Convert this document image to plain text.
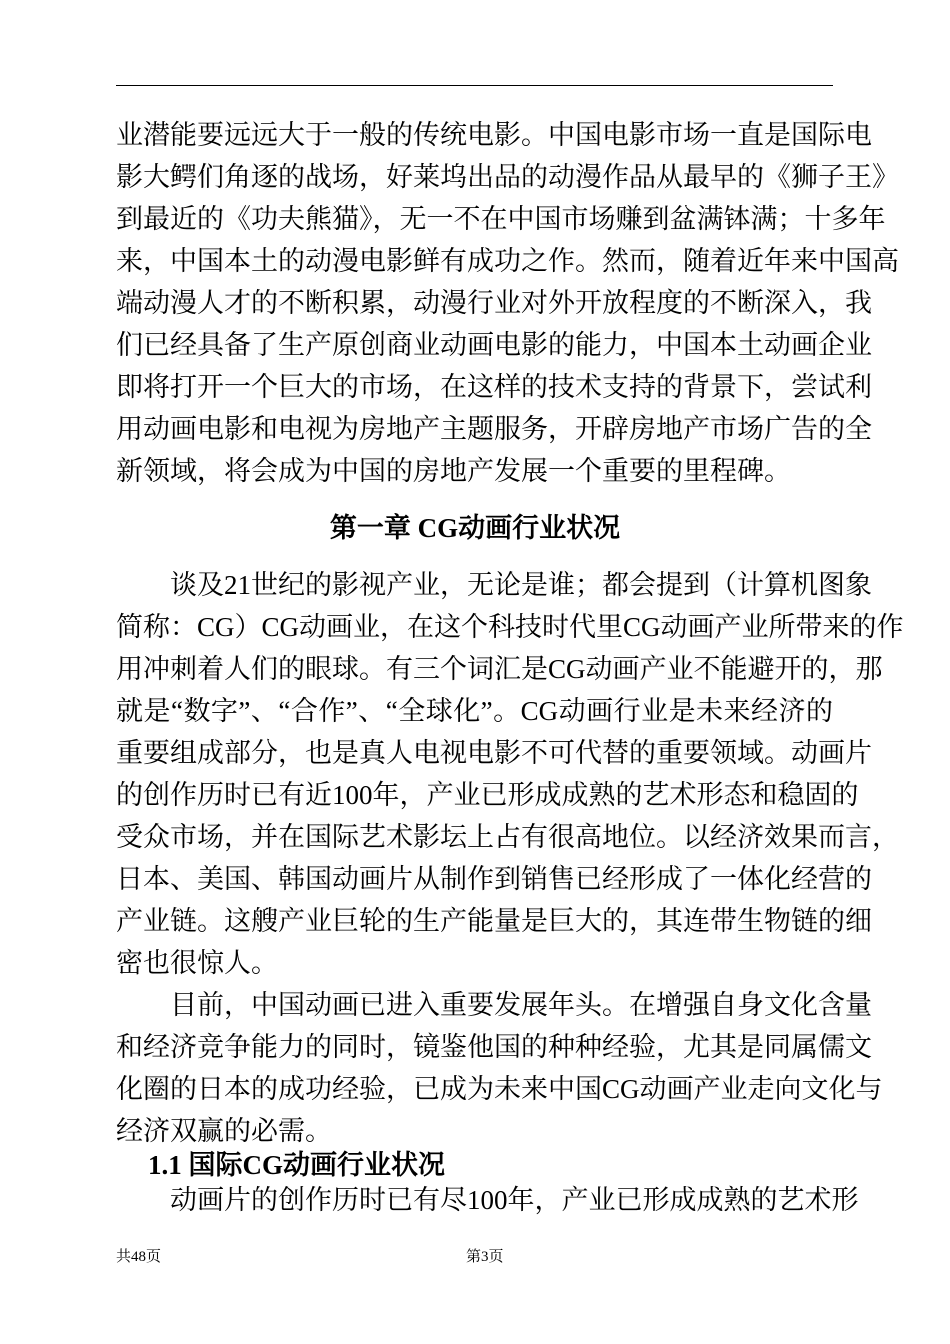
业潜能要远远大于一般的传统电影。中国电影市场一直是国际电
影大鳄们角逐的战场，好莱坞出品的动漫作品从最早的《狮子王》
到最近的《功夫熊猫》，无一不在中国市场赚到盆满钵满；十多年
来，中国本土的动漫电影鲜有成功之作。然而，随着近年来中国高
端动漫人才的不断积累，动漫行业对外开放程度的不断深入，我
们已经具备了生产原创商业动画电影的能力，中国本土动画企业
即将打开一个巨大的市场，在这样的技术支持的背景下，尝试利
用动画电影和电视为房地产主题服务，开辟房地产市场广告的全
新领域，将会成为中国的房地产发展一个重要的里程碑。
谈及21世纪的影视产业，无论是谁；都会提到（计算机图象
简称：CG）CG动画业，在这个科技时代里CG动画产业所带来的作
用冲刺着人们的眼球。有三个词汇是CG动画产业不能避开的，那
就是“数字”、“合作”、“全球化”。CG动画行业是未来经济的
重要组成部分，也是真人电视电影不可代替的重要领域。动画片
的创作历时已有近100年，产业已形成成熟的艺术形态和稳固的
受众市场，并在国际艺术影坛上占有很高地位。以经济效果而言，
日本、美国、韩国动画片从制作到销售已经形成了一体化经营的
产业链。这艘产业巨轮的生产能量是巨大的，其连带生物链的细
密也很惊人。
目前，中国动画已进入重要发展年头。在增强自身文化含量
和经济竞争能力的同时，镜鉴他国的种种经验，尤其是同属儒文
化圈的日本的成功经验，已成为未来中国CG动画产业走向文化与
经济双赢的必需。
动画片的创作历时已有尽100年，产业已形成成熟的艺术形
第一章 CG动画行业状况
1.1 国际CG动画行业状况
共48页	第3页
